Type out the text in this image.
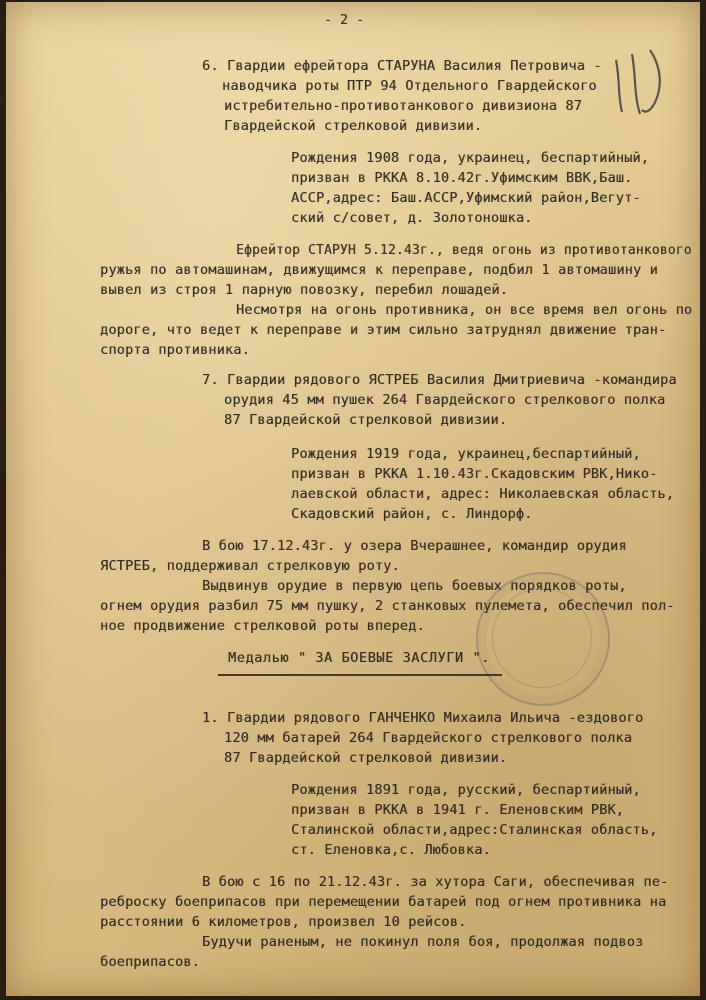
- 2 -
6. Гвардии ефрейтора СТАРУНА Василия Петровича -
наводчика роты ПТР 94 Отдельного Гвардейского
истребительно-противотанкового дивизиона 87
Гвардейской стрелковой дивизии.
Рождения 1908 года, украинец, беспартийный,
призван в РККА 8.10.42г.Уфимским ВВК,Баш.
АССР,адрес: Баш.АССР,Уфимский район,Вегут-
ский с/совет, д. Золотоношка.
Ефрейтор СТАРУН 5.12.43г., ведя огонь из противотанкового
ружья по автомашинам, движущимся к переправе, подбил 1 автомашину и
вывел из строя 1 парную повозку, перебил лошадей.
Несмотря на огонь противника, он все время вел огонь по
дороге, что ведет к переправе и этим сильно затруднял движение тран-
спорта противника.
7. Гвардии рядового ЯСТРЕБ Василия Дмитриевича -командира
орудия 45 мм пушек 264 Гвардейского стрелкового полка
87 Гвардейской стрелковой дивизии.
Рождения 1919 года, украинец,беспартийный,
призван в РККА 1.10.43г.Скадовским РВК,Нико-
лаевской области, адрес: Николаевская область,
Скадовский район, с. Линдорф.
В бою 17.12.43г. у озера Вчерашнее, командир орудия
ЯСТРЕБ, поддерживал стрелковую роту.
Выдвинув орудие в первую цепь боевых порядков роты,
огнем орудия разбил 75 мм пушку, 2 станковых пулемета, обеспечил пол-
ное продвижение стрелковой роты вперед.
Медалью " ЗА БОЕВЫЕ ЗАСЛУГИ ".
1. Гвардии рядового ГАНЧЕНКО Михаила Ильича -ездового
120 мм батарей 264 Гвардейского стрелкового полка
87 Гвардейской стрелковой дивизии.
Рождения 1891 года, русский, беспартийный,
призван в РККА в 1941 г. Еленовским РВК,
Сталинской области,адрес:Сталинская область,
ст. Еленовка,с. Любовка.
В бою с 16 по 21.12.43г. за хутора Саги, обеспечивая пе-
реброску боеприпасов при перемещении батарей под огнем противника на
расстоянии 6 километров, произвел 10 рейсов.
Будучи раненым, не покинул поля боя, продолжая подвоз
боеприпасов.
